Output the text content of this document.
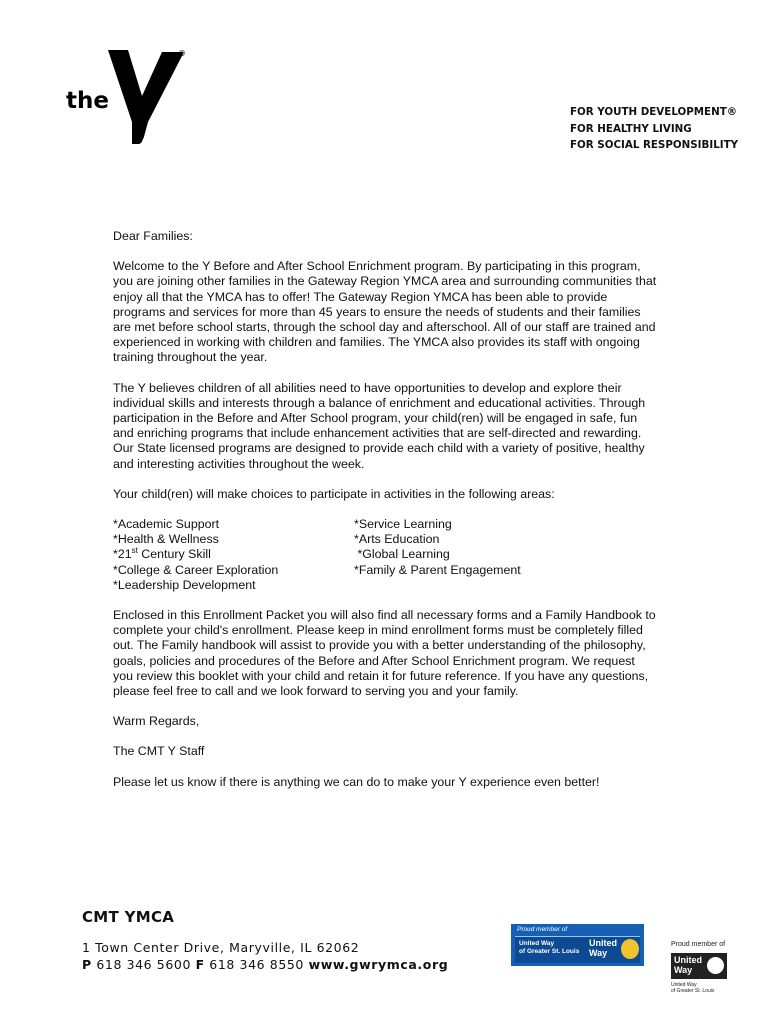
YMCA
®
the	FOR YOUTH DEVELOPMENT®
FOR HEALTHY LIVING
FOR SOCIAL RESPONSIBILITY

Dear Families:

Welcome to the Y Before and After School Enrichment program. By participating in this program, you are joining other families in the Gateway Region YMCA area and surrounding communities that enjoy all that the YMCA has to offer! The Gateway Region YMCA has been able to provide programs and services for more than 45 years to ensure the needs of students and their families are met before school starts, through the school day and afterschool. All of our staff are trained and experienced in working with children and families. The YMCA also provides its staff with ongoing training throughout the year.

The Y believes children of all abilities need to have opportunities to develop and explore their individual skills and interests through a balance of enrichment and educational activities. Through participation in the Before and After School program, your child(ren) will be engaged in safe, fun and enriching programs that include enhancement activities that are self-directed and rewarding. Our State licensed programs are designed to provide each child with a variety of positive, healthy and interesting activities throughout the week.

Your child(ren) will make choices to participate in activities in the following areas:

*Academic Support
*Health & Wellness
*21st Century Skill
*College & Career Exploration
*Leadership Development
*Service Learning
*Arts Education
*Global Learning
*Family & Parent Engagement

Enclosed in this Enrollment Packet you will also find all necessary forms and a Family Handbook to complete your child's enrollment. Please keep in mind enrollment forms must be completely filled out. The Family handbook will assist to provide you with a better understanding of the philosophy, goals, policies and procedures of the Before and After School Enrichment program. We request you review this booklet with your child and retain it for future reference. If you have any questions, please feel free to call and we look forward to serving you and your family.

Warm Regards,

The CMT Y Staff

Please let us know if there is anything we can do to make your Y experience even better!

CMT YMCA
1 Town Center Drive, Maryville, IL 62062
P 618 346 5600 F 618 346 8550 www.gwrymca.org
Proud member of
United Way
of Greater St. Louis
United
Way
Proud member of
United
Way
United Way
of Greater St. Louis
